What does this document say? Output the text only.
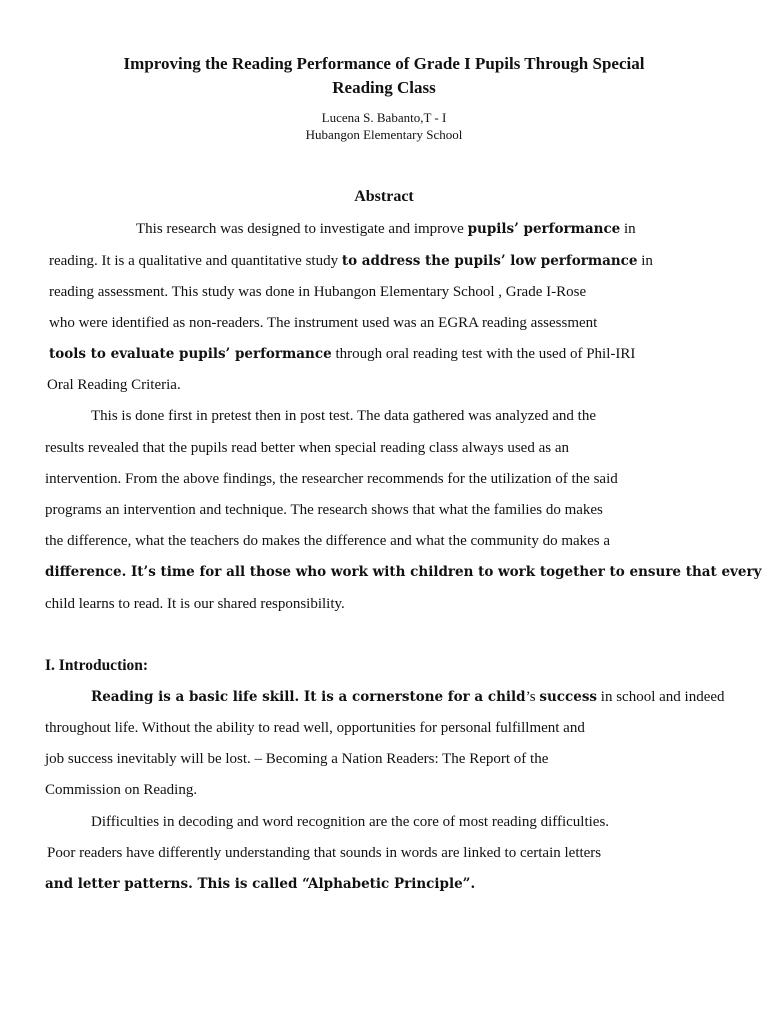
Improving the Reading Performance of Grade I Pupils Through Special
Reading Class
Lucena S. Babanto,T - I
Hubangon Elementary School
Abstract
This research was designed to investigate and improve pupils’ performance in
reading. It is a qualitative and quantitative study to address the pupils’ low performance in
reading assessment. This study was done in Hubangon Elementary School , Grade I-Rose
who were identified as non-readers. The instrument used was an EGRA reading assessment
tools to evaluate pupils’ performance through oral reading test with the used of Phil-IRI
Oral Reading Criteria.
This is done first in pretest then in post test. The data gathered was analyzed and the
results revealed that the pupils read better when special reading class always used as an
intervention. From the above findings, the researcher recommends for the utilization of the said
programs an intervention and technique. The research shows that what the families do makes
the difference, what the teachers do makes the difference and what the community do makes a
difference. It’s time for all those who work with children to work together to ensure that every
child learns to read. It is our shared responsibility.
I. Introduction:
Reading is a basic life skill. It is a cornerstone for a child’s success in school and indeed
throughout life. Without the ability to read well, opportunities for personal fulfillment and
job success inevitably will be lost. – Becoming a Nation Readers: The Report of the
Commission on Reading.
Difficulties in decoding and word recognition are the core of most reading difficulties.
Poor readers have differently understanding that sounds in words are linked to certain letters
and letter patterns. This is called “Alphabetic Principle”.
